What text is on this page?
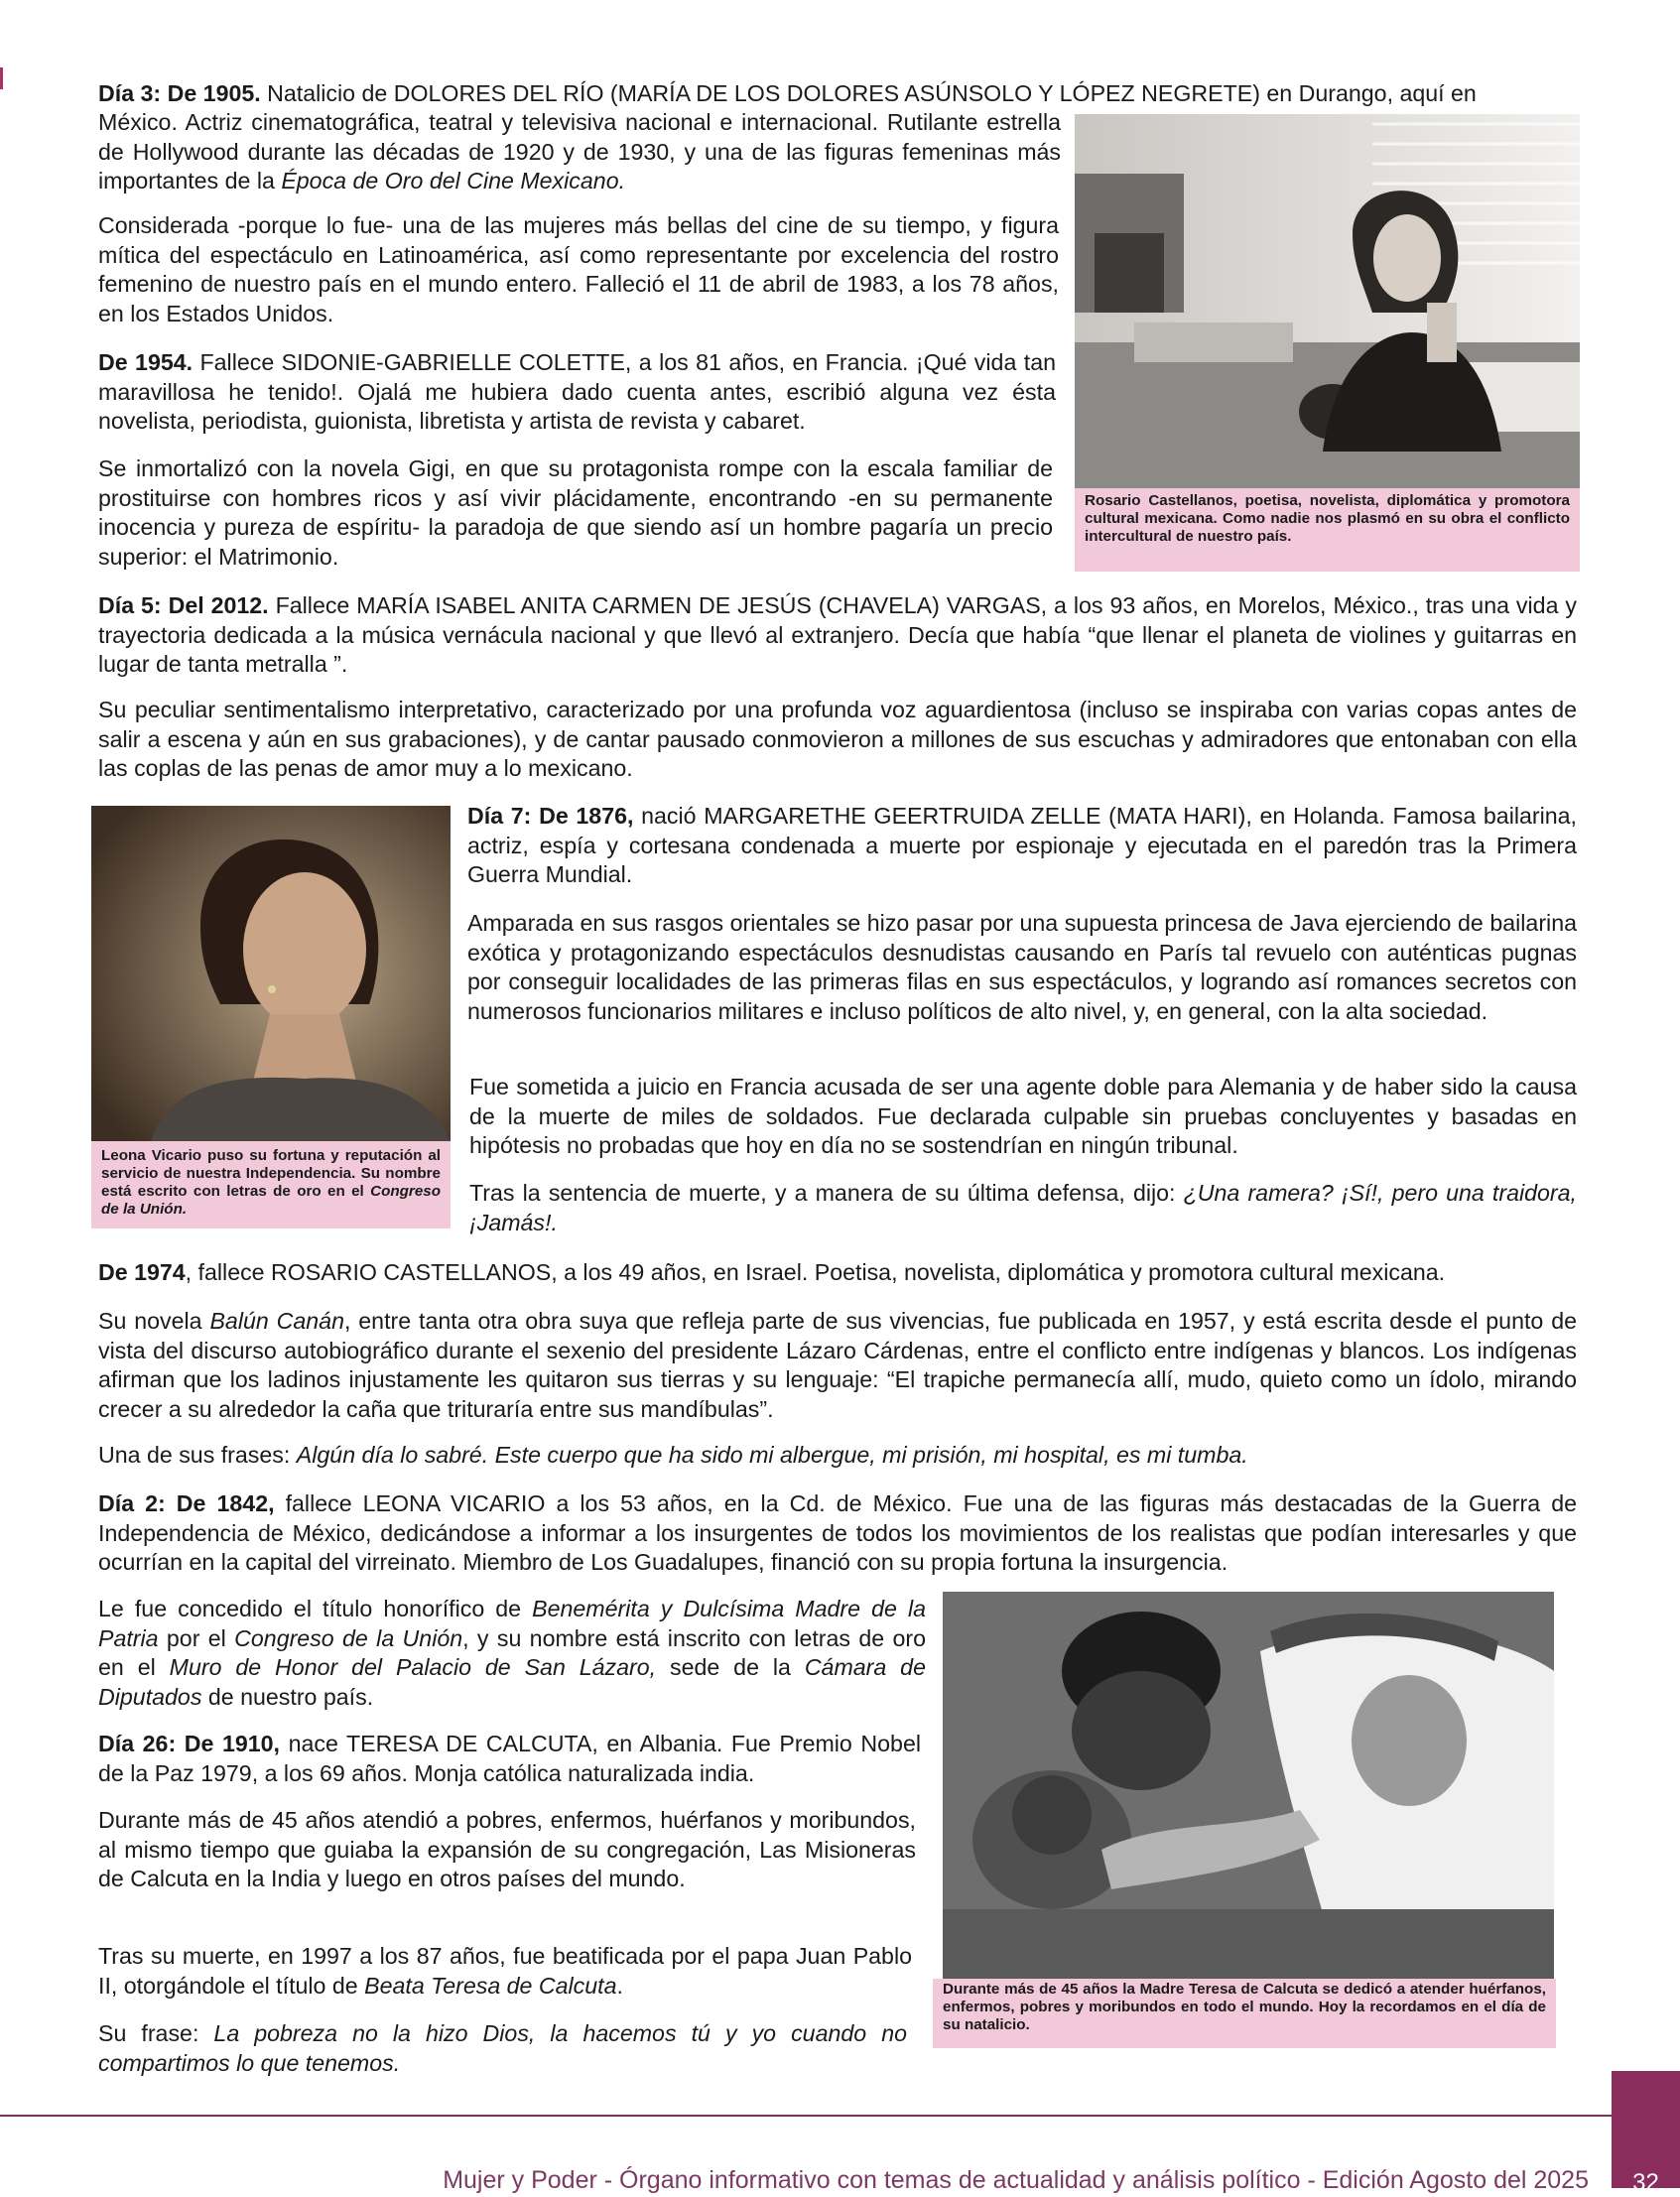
Día 3: De 1905. Natalicio de DOLORES DEL RÍO (MARÍA DE LOS DOLORES ASÚNSOLO Y LÓPEZ NEGRETE) en Durango, aquí en

México. Actriz cinematográfica, teatral y televisiva nacional e internacional. Rutilante estrella de Hollywood durante las décadas de 1920 y de 1930, y una de las figuras femeninas más importantes de la Época de Oro del Cine Mexicano.

Considerada -porque lo fue- una de las mujeres más bellas del cine de su tiempo, y figura mítica del espectáculo en Latinoamérica, así como representante por excelencia del rostro femenino de nuestro país en el mundo entero. Falleció el 11 de abril de 1983, a los 78 años, en los Estados Unidos.

De 1954. Fallece SIDONIE-GABRIELLE COLETTE, a los 81 años, en Francia. ¡Qué vida tan maravillosa he tenido!. Ojalá me hubiera dado cuenta antes, escribió alguna vez ésta novelista, periodista, guionista, libretista y artista de revista y cabaret.

Se inmortalizó con la novela Gigi, en que su protagonista rompe con la escala familiar de prostituirse con hombres ricos y así vivir plácidamente, encontrando -en su permanente inocencia y pureza de espíritu- la paradoja de que siendo así un hombre pagaría un precio superior: el Matrimonio.

Rosario Castellanos, poetisa, novelista, diplomática y promotora cultural mexicana. Como nadie nos plasmó en su obra el conflicto intercultural de nuestro país.

Día 5: Del 2012. Fallece MARÍA ISABEL ANITA CARMEN DE JESÚS (CHAVELA) VARGAS, a los 93 años, en Morelos, México., tras una vida y trayectoria dedicada a la música vernácula nacional y que llevó al extranjero. Decía que había “que llenar el planeta de violines y guitarras en lugar de tanta metralla ”.

Su peculiar sentimentalismo interpretativo, caracterizado por una profunda voz aguardientosa (incluso se inspiraba con varias copas antes de salir a escena y aún en sus grabaciones), y de cantar pausado conmovieron a millones de sus escuchas y admiradores que entonaban con ella las coplas de las penas de amor muy a lo mexicano.

Leona Vicario puso su fortuna y reputación al servicio de nuestra Independencia. Su nombre está escrito con letras de oro en el Congreso de la Unión.

Día 7: De 1876, nació MARGARETHE GEERTRUIDA ZELLE (MATA HARI), en Holanda. Famosa bailarina, actriz, espía y cortesana condenada a muerte por espionaje y ejecutada en el paredón tras la Primera Guerra Mundial.

Amparada en sus rasgos orientales se hizo pasar por una supuesta princesa de Java ejerciendo de bailarina exótica y protagonizando espectáculos desnudistas causando en París tal revuelo con auténticas pugnas por conseguir localidades de las primeras filas en sus espectáculos, y logrando así romances secretos con numerosos funcionarios militares e incluso políticos de alto nivel, y, en general, con la alta sociedad.

Fue sometida a juicio en Francia acusada de ser una agente doble para Alemania y de haber sido la causa de la muerte de miles de soldados. Fue declarada culpable sin pruebas concluyentes y basadas en hipótesis no probadas que hoy en día no se sostendrían en ningún tribunal.

Tras la sentencia de muerte, y a manera de su última defensa, dijo: ¿Una ramera? ¡Sí!, pero una traidora, ¡Jamás!.

De 1974, fallece ROSARIO CASTELLANOS, a los 49 años, en Israel. Poetisa, novelista, diplomática y promotora cultural mexicana.

Su novela Balún Canán, entre tanta otra obra suya que refleja parte de sus vivencias, fue publicada en 1957, y está escrita desde el punto de vista del discurso autobiográfico durante el sexenio del presidente Lázaro Cárdenas, entre el conflicto entre indígenas y blancos. Los indígenas afirman que los ladinos injustamente les quitaron sus tierras y su lenguaje: “El trapiche permanecía allí, mudo, quieto como un ídolo, mirando crecer a su alrededor la caña que trituraría entre sus mandíbulas”.

Una de sus frases: Algún día lo sabré. Este cuerpo que ha sido mi albergue, mi prisión, mi hospital, es mi tumba.

Día 2: De 1842, fallece LEONA VICARIO a los 53 años, en la Cd. de México. Fue una de las figuras más destacadas de la Guerra de Independencia de México, dedicándose a informar a los insurgentes de todos los movimientos de los realistas que podían interesarles y que ocurrían en la capital del virreinato. Miembro de Los Guadalupes, financió con su propia fortuna la insurgencia.

Le fue concedido el título honorífico de Benemérita y Dulcísima Madre de la Patria por el Congreso de la Unión, y su nombre está inscrito con letras de oro en el Muro de Honor del Palacio de San Lázaro, sede de la Cámara de Diputados de nuestro país.

Día 26: De 1910, nace TERESA DE CALCUTA, en Albania. Fue Premio Nobel de la Paz 1979, a los 69 años. Monja católica naturalizada india.

Durante más de 45 años atendió a pobres, enfermos, huérfanos y moribundos, al mismo tiempo que guiaba la expansión de su congregación, Las Misioneras de Calcuta en la India y luego en otros países del mundo.

Tras su muerte, en 1997 a los 87 años, fue beatificada por el papa Juan Pablo II, otorgándole el título de Beata Teresa de Calcuta.

Su frase: La pobreza no la hizo Dios, la hacemos tú y yo cuando no compartimos lo que tenemos.

Durante más de 45 años la Madre Teresa de Calcuta se dedicó a atender huérfanos, enfermos, pobres y moribundos en todo el mundo. Hoy la recordamos en el día de su natalicio.
Mujer y Poder - Órgano informativo con temas de actualidad y análisis político - Edición Agosto del 2025	32
